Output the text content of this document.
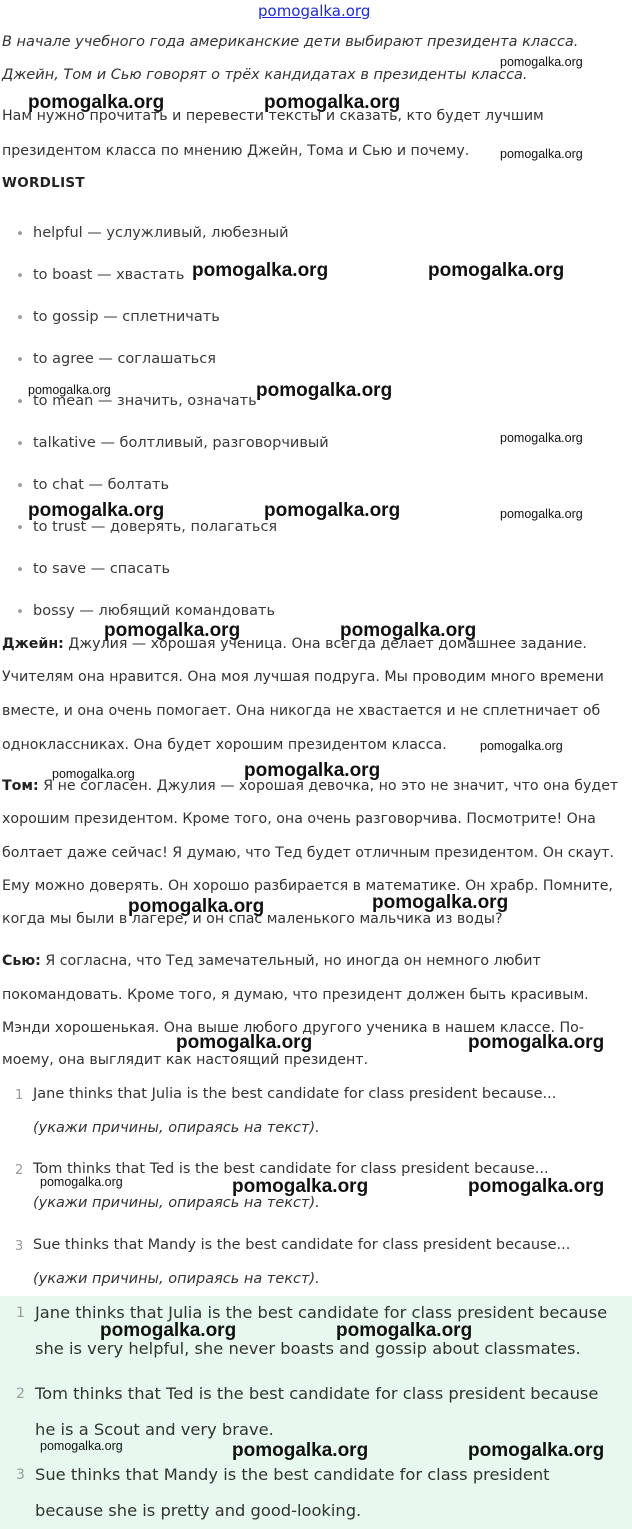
pomogalka.org
В начале учебного года американские дети выбирают президента класса.
Джейн, Том и Сью говорят о трёх кандидатах в президенты класса.
Нам нужно прочитать и перевести тексты и сказать, кто будет лучшим
президентом класса по мнению Джейн, Тома и Сью и почему.
WORDLIST
• helpful — услужливый, любезный
• to boast — хвастать
• to gossip — сплетничать
• to agree — соглашаться
• to mean — значить, означать
• talkative — болтливый, разговорчивый
• to chat — болтать
• to trust — доверять, полагаться
• to save — спасать
• bossy — любящий командовать
Джейн: Джулия — хорошая ученица. Она всегда делает домашнее задание.
Учителям она нравится. Она моя лучшая подруга. Мы проводим много времени
вместе, и она очень помогает. Она никогда не хвастается и не сплетничает об
одноклассниках. Она будет хорошим президентом класса.
Том: Я не согласен. Джулия — хорошая девочка, но это не значит, что она будет
хорошим президентом. Кроме того, она очень разговорчива. Посмотрите! Она
болтает даже сейчас! Я думаю, что Тед будет отличным президентом. Он скаут.
Ему можно доверять. Он хорошо разбирается в математике. Он храбр. Помните,
когда мы были в лагере, и он спас маленького мальчика из воды?
Сью: Я согласна, что Тед замечательный, но иногда он немного любит
покомандовать. Кроме того, я думаю, что президент должен быть красивым.
Мэнди хорошенькая. Она выше любого другого ученика в нашем классе. По-
моему, она выглядит как настоящий президент.
1 Jane thinks that Julia is the best candidate for class president because...
(укажи причины, опираясь на текст).
2 Tom thinks that Ted is the best candidate for class president because...
(укажи причины, опираясь на текст).
3 Sue thinks that Mandy is the best candidate for class president because...
(укажи причины, опираясь на текст).
1 Jane thinks that Julia is the best candidate for class president because
she is very helpful, she never boasts and gossip about classmates.
2 Tom thinks that Ted is the best candidate for class president because
he is a Scout and very brave.
3 Sue thinks that Mandy is the best candidate for class president
because she is pretty and good-looking.
pomogalka.org
pomogalka.org	pomogalka.org
pomogalka.org
pomogalka.org	pomogalka.org
pomogalka.org	pomogalka.org
pomogalka.org
pomogalka.org	pomogalka.org	pomogalka.org
pomogalka.org	pomogalka.org
pomogalka.org
pomogalka.org
pomogalka.org
pomogalka.org	pomogalka.org
pomogalka.org	pomogalka.org
pomogalka.org	pomogalka.org	pomogalka.org
pomogalka.org	pomogalka.org
pomogalka.org	pomogalka.org	pomogalka.org
